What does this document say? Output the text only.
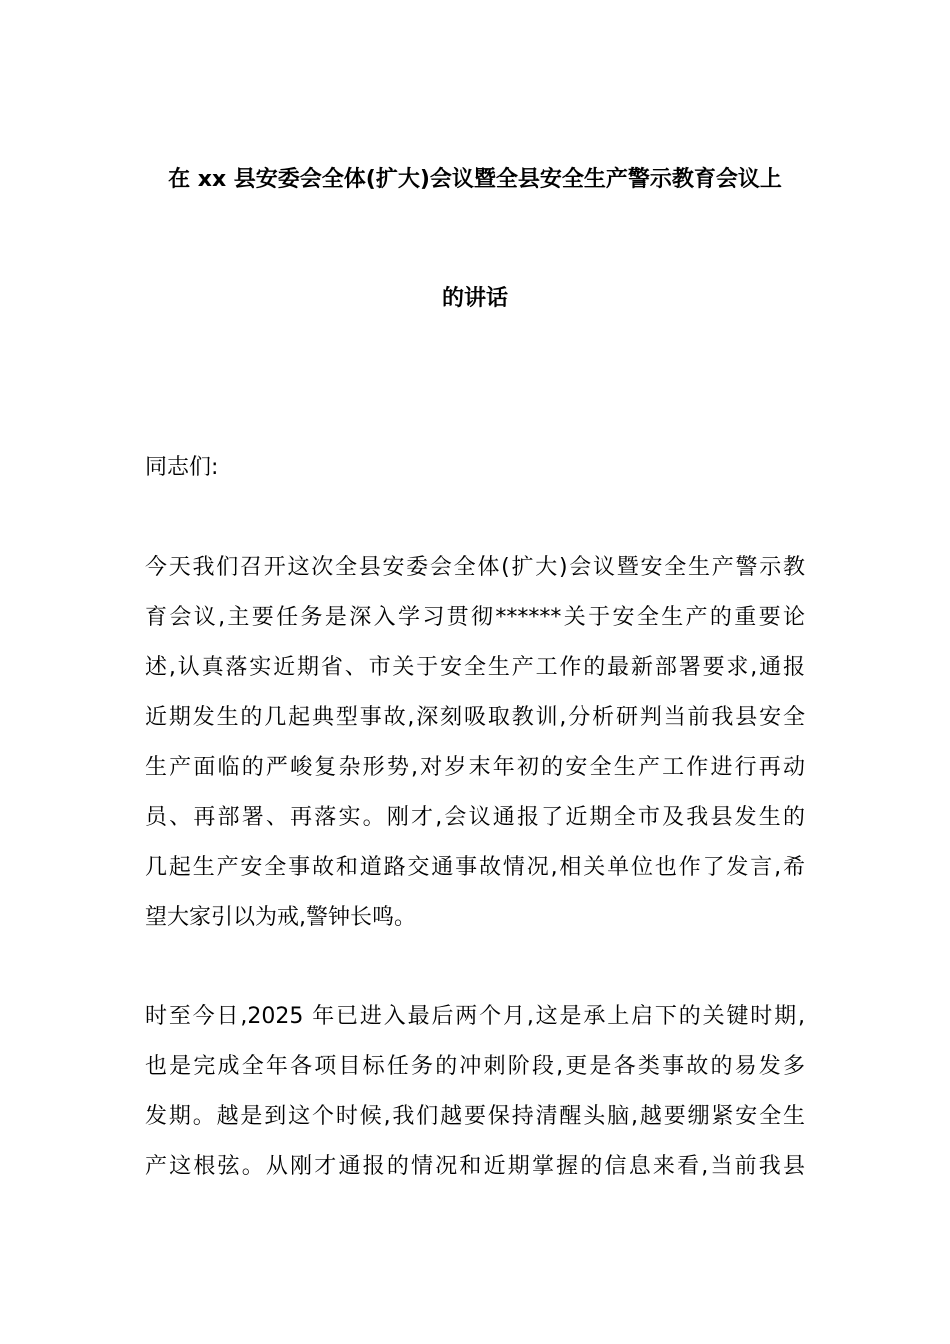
在 xx 县安委会全体(扩大)会议暨全县安全生产警示教育会议上
的讲话
同志们:
今天我们召开这次全县安委会全体(扩大)会议暨安全生产警示教
育会议,主要任务是深入学习贯彻******关于安全生产的重要论
述,认真落实近期省、市关于安全生产工作的最新部署要求,通报
近期发生的几起典型事故,深刻吸取教训,分析研判当前我县安全
生产面临的严峻复杂形势,对岁末年初的安全生产工作进行再动
员、再部署、再落实。刚才,会议通报了近期全市及我县发生的
几起生产安全事故和道路交通事故情况,相关单位也作了发言,希
望大家引以为戒,警钟长鸣。
时至今日,2025 年已进入最后两个月,这是承上启下的关键时期,
也是完成全年各项目标任务的冲刺阶段,更是各类事故的易发多
发期。越是到这个时候,我们越要保持清醒头脑,越要绷紧安全生
产这根弦。从刚才通报的情况和近期掌握的信息来看,当前我县
